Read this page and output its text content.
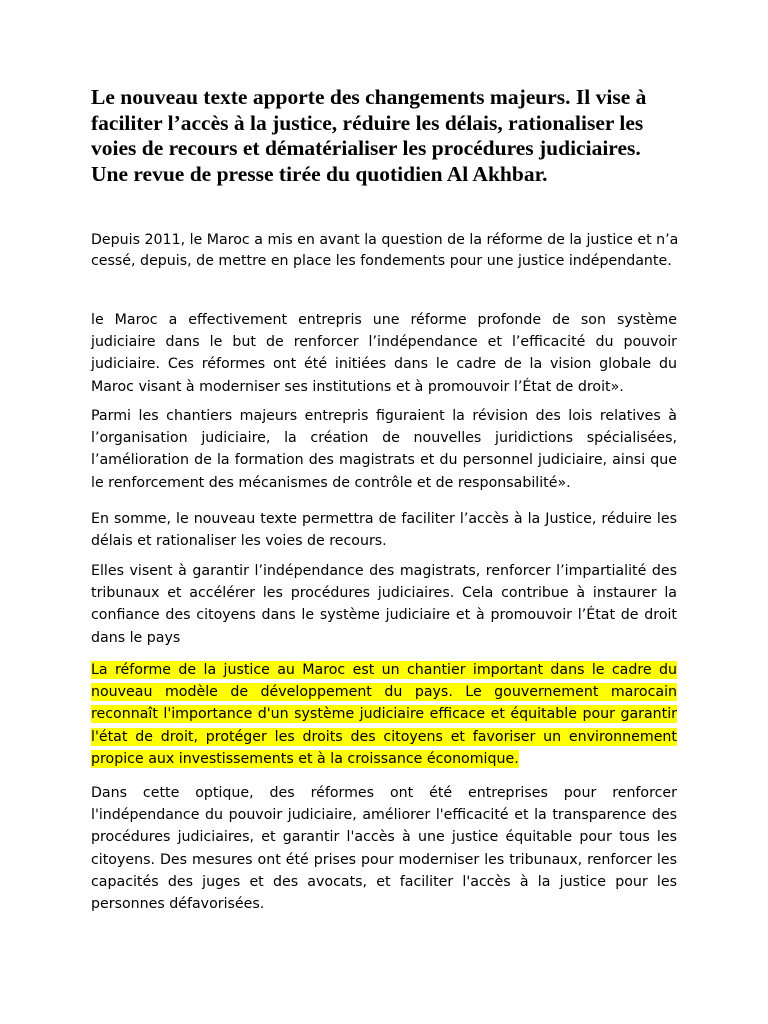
Le nouveau texte apporte des changements majeurs. Il vise à faciliter l’accès à la justice, réduire les délais, rationaliser les voies de recours et dématérialiser les procédures judiciaires. Une revue de presse tirée du quotidien Al Akhbar.

Depuis 2011, le Maroc a mis en avant la question de la réforme de la justice et n’a cessé, depuis, de mettre en place les fondements pour une justice indépendante.

le Maroc a effectivement entrepris une réforme profonde de son système judiciaire dans le but de renforcer l’indépendance et l’efficacité du pouvoir judiciaire. Ces réformes ont été initiées dans le cadre de la vision globale du Maroc visant à moderniser ses institutions et à promouvoir l’État de droit».

Parmi les chantiers majeurs entrepris figuraient la révision des lois relatives à l’organisation judiciaire, la création de nouvelles juridictions spécialisées, l’amélioration de la formation des magistrats et du personnel judiciaire, ainsi que le renforcement des mécanismes de contrôle et de responsabilité».

En somme, le nouveau texte permettra de faciliter l’accès à la Justice, réduire les délais et rationaliser les voies de recours.

Elles visent à garantir l’indépendance des magistrats, renforcer l’impartialité des tribunaux et accélérer les procédures judiciaires. Cela contribue à instaurer la confiance des citoyens dans le système judiciaire et à promouvoir l’État de droit dans le pays

La réforme de la justice au Maroc est un chantier important dans le cadre du nouveau modèle de développement du pays. Le gouvernement marocain reconnaît l'importance d'un système judiciaire efficace et équitable pour garantir l'état de droit, protéger les droits des citoyens et favoriser un environnement propice aux investissements et à la croissance économique.

Dans cette optique, des réformes ont été entreprises pour renforcer l'indépendance du pouvoir judiciaire, améliorer l'efficacité et la transparence des procédures judiciaires, et garantir l'accès à une justice équitable pour tous les citoyens. Des mesures ont été prises pour moderniser les tribunaux, renforcer les capacités des juges et des avocats, et faciliter l'accès à la justice pour les personnes défavorisées.
